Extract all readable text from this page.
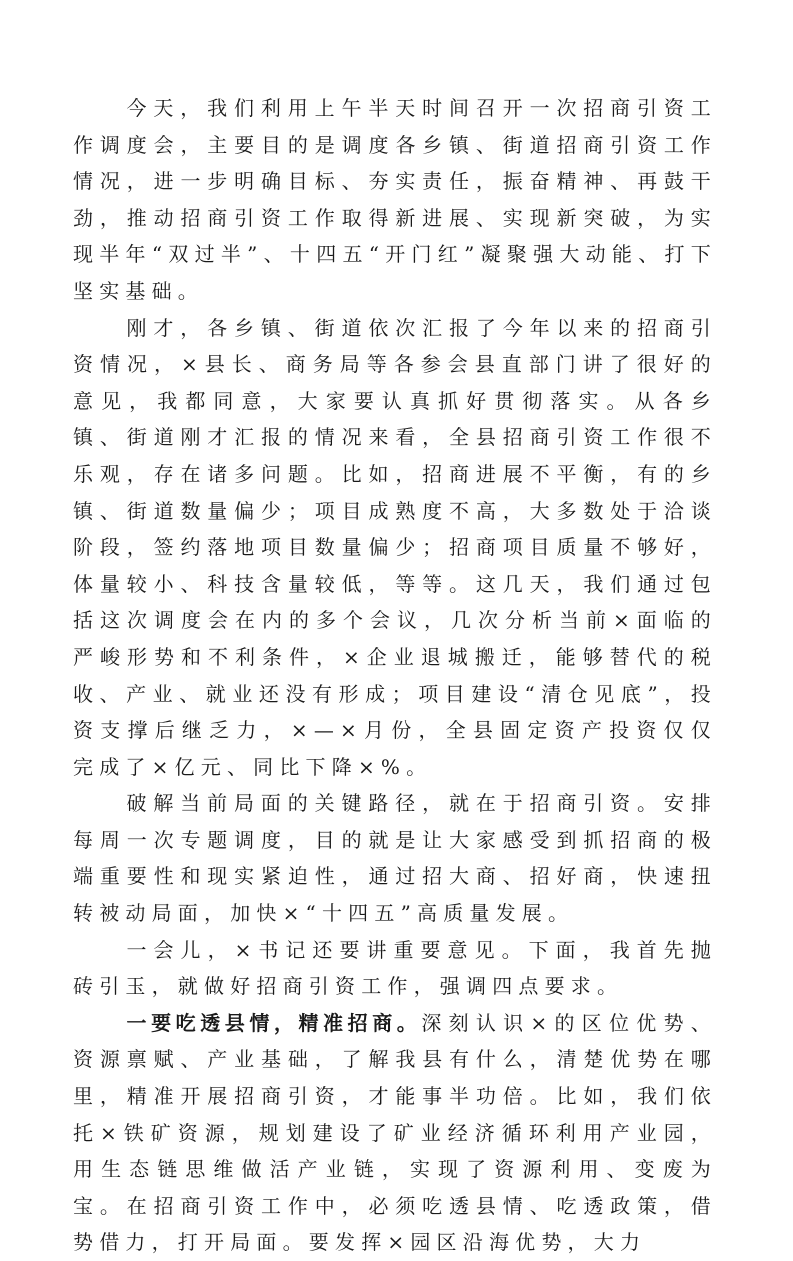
今天，我们利用上午半天时间召开一次招商引资工作调度会，主要目的是调度各乡镇、街道招商引资工作情况，进一步明确目标、夯实责任，振奋精神、再鼓干劲，推动招商引资工作取得新进展、实现新突破，为实现半年“双过半”、十四五“开门红”凝聚强大动能、打下坚实基础。

刚才，各乡镇、街道依次汇报了今年以来的招商引资情况，×县长、商务局等各参会县直部门讲了很好的意见，我都同意，大家要认真抓好贯彻落实。从各乡镇、街道刚才汇报的情况来看，全县招商引资工作很不乐观，存在诸多问题。比如，招商进展不平衡，有的乡镇、街道数量偏少；项目成熟度不高，大多数处于洽谈阶段，签约落地项目数量偏少；招商项目质量不够好，体量较小、科技含量较低，等等。这几天，我们通过包括这次调度会在内的多个会议，几次分析当前×面临的严峻形势和不利条件，×企业退城搬迁，能够替代的税收、产业、就业还没有形成；项目建设“清仓见底”，投资支撑后继乏力，×—×月份，全县固定资产投资仅仅完成了×亿元、同比下降×%。

破解当前局面的关键路径，就在于招商引资。安排每周一次专题调度，目的就是让大家感受到抓招商的极端重要性和现实紧迫性，通过招大商、招好商，快速扭转被动局面，加快×“十四五”高质量发展。

一会儿，×书记还要讲重要意见。下面，我首先抛砖引玉，就做好招商引资工作，强调四点要求。

一要吃透县情，精准招商。深刻认识×的区位优势、资源禀赋、产业基础，了解我县有什么，清楚优势在哪里，精准开展招商引资，才能事半功倍。比如，我们依托×铁矿资源，规划建设了矿业经济循环利用产业园，用生态链思维做活产业链，实现了资源利用、变废为宝。在招商引资工作中，必须吃透县情、吃透政策，借势借力，打开局面。要发挥×园区沿海优势，大力
